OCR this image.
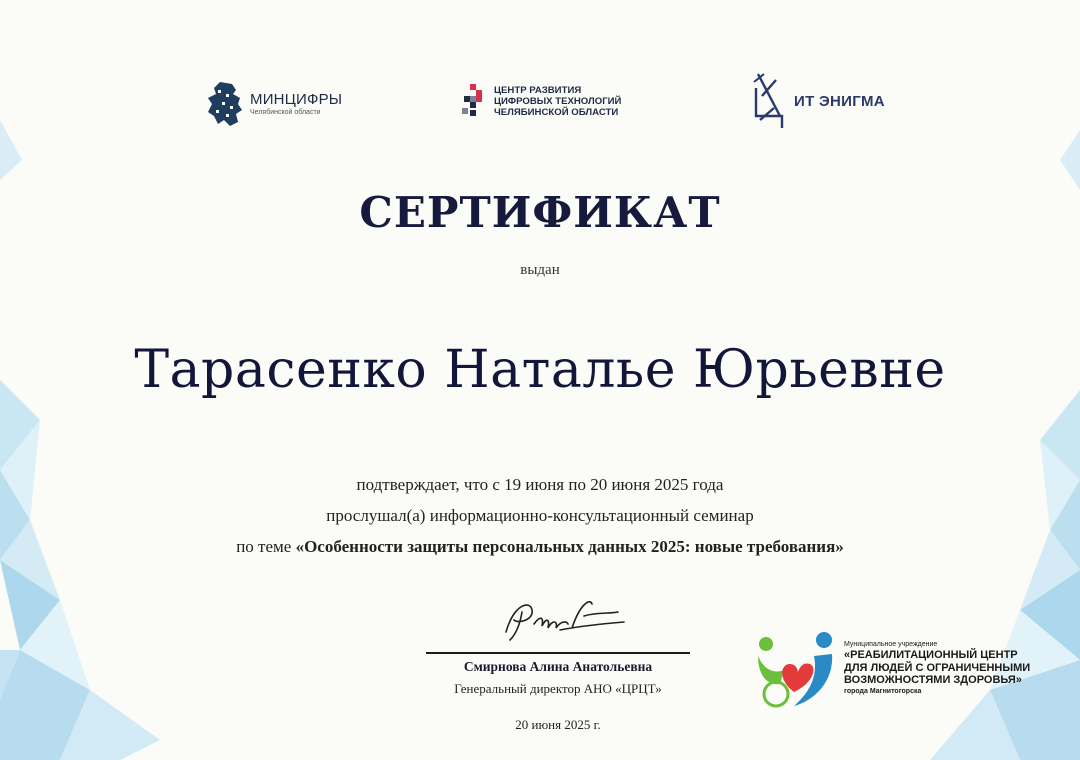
МИНЦИФРЫ
Челябинской области
ЦЕНТР РАЗВИТИЯ
ЦИФРОВЫХ ТЕХНОЛОГИЙ
ЧЕЛЯБИНСКОЙ ОБЛАСТИ
ИТ ЭНИГМА
СЕРТИФИКАТ
выдан
Тарасенко Наталье Юрьевне
подтверждает, что с 19 июня по 20 июня 2025 года
прослушал(а) информационно-консультационный семинар
по теме «Особенности защиты персональных данных 2025: новые требования»
Смирнова Алина Анатольевна
Генеральный директор АНО «ЦРЦТ»
20 июня 2025 г.
Муниципальное учреждение
«РЕАБИЛИТАЦИОННЫЙ ЦЕНТР
ДЛЯ ЛЮДЕЙ С ОГРАНИЧЕННЫМИ
ВОЗМОЖНОСТЯМИ ЗДОРОВЬЯ»
города Магнитогорска
